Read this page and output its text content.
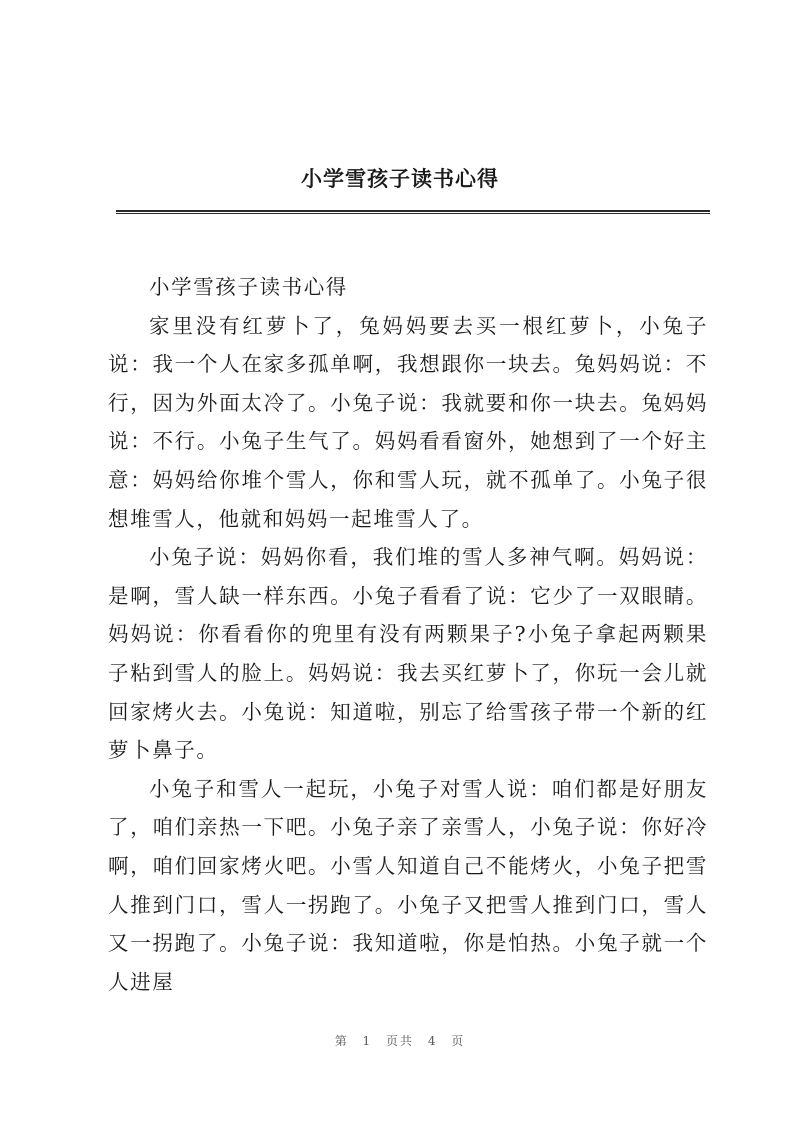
小学雪孩子读书心得

小学雪孩子读书心得

家里没有红萝卜了，兔妈妈要去买一根红萝卜，小兔子说：我一个人在家多孤单啊，我想跟你一块去。兔妈妈说：不行，因为外面太冷了。小兔子说：我就要和你一块去。兔妈妈说：不行。小兔子生气了。妈妈看看窗外，她想到了一个好主意：妈妈给你堆个雪人，你和雪人玩，就不孤单了。小兔子很想堆雪人，他就和妈妈一起堆雪人了。

小兔子说：妈妈你看，我们堆的雪人多神气啊。妈妈说：是啊，雪人缺一样东西。小兔子看看了说：它少了一双眼睛。妈妈说：你看看你的兜里有没有两颗果子?小兔子拿起两颗果子粘到雪人的脸上。妈妈说：我去买红萝卜了，你玩一会儿就回家烤火去。小兔说：知道啦，别忘了给雪孩子带一个新的红萝卜鼻子。

小兔子和雪人一起玩，小兔子对雪人说：咱们都是好朋友了，咱们亲热一下吧。小兔子亲了亲雪人，小兔子说：你好冷啊，咱们回家烤火吧。小雪人知道自己不能烤火，小兔子把雪人推到门口，雪人一拐跑了。小兔子又把雪人推到门口，雪人又一拐跑了。小兔子说：我知道啦，你是怕热。小兔子就一个人进屋

第 1 页共 4 页
